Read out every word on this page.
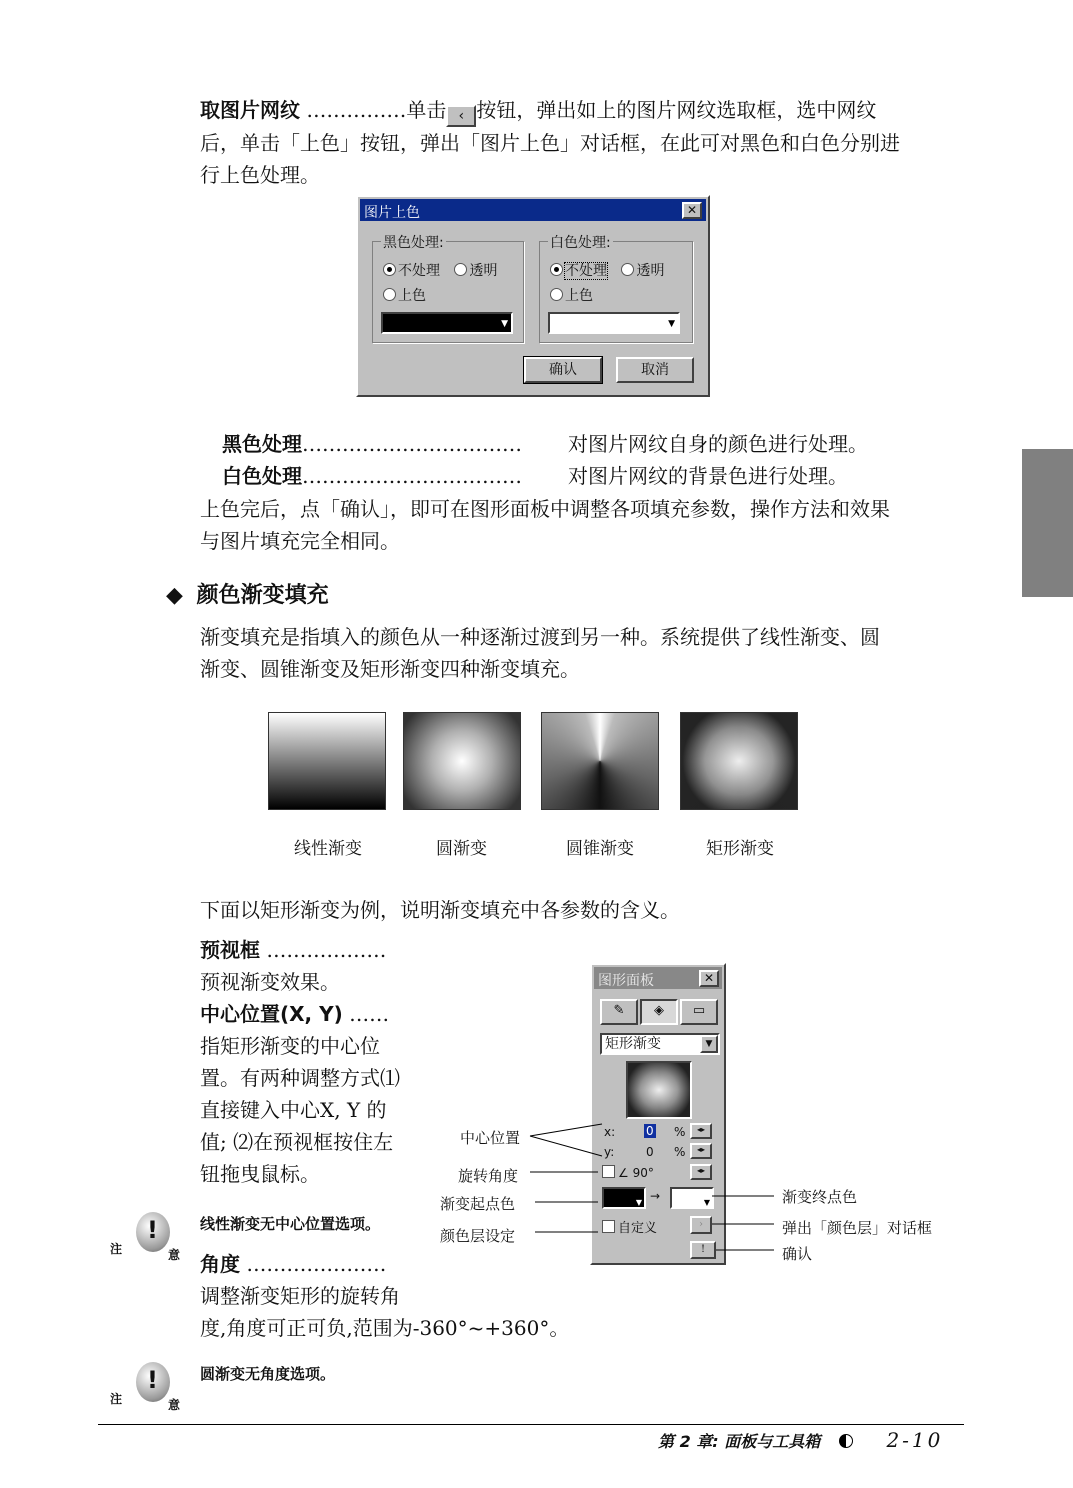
取图片网纹 ……………单击 ‹ 按钮，弹出如上的图片网纹选取框，选中网纹
后，单击「上色」按钮，弹出「图片上色」对话框，在此可对黑色和白色分别进
行上色处理。
图片上色	✕
黑色处理:
不处理 透明
上色
▼
白色处理:
不处理 透明
上色
▼
确认	取消
黑色处理…………………………… 对图片网纹自身的颜色进行处理。
白色处理…………………………… 对图片网纹的背景色进行处理。
上色完后，点「确认」，即可在图形面板中调整各项填充参数，操作方法和效果
与图片填充完全相同。
◆ 颜色渐变填充
渐变填充是指填入的颜色从一种逐渐过渡到另一种。系统提供了线性渐变、圆
渐变、圆锥渐变及矩形渐变四种渐变填充。
线性渐变	圆渐变	圆锥渐变	矩形渐变
下面以矩形渐变为例，说明渐变填充中各参数的含义。
预视框 ………………
预视渐变效果。
中心位置(X, Y) ……
指矩形渐变的中心位
置。有两种调整方式⑴
直接键入中心X, Y 的
值; ⑵在预视框按住左
钮拖曳鼠标。
!
注	意
线性渐变无中心位置选项。
角度 …………………
调整渐变矩形的旋转角
度,角度可正可负,范围为-360°~+360°。
!
注	意
圆渐变无角度选项。
图形面板	✕
✎	◈	▭
矩形渐变	▼
x:	0 %	◂▸
y:	0 %	◂▸
∠ 90°	◂▸
▼ →	▼
自定义	›
!
中心位置
旋转角度
渐变起点色
颜色层设定
渐变终点色
弹出「颜色层」对话框
确认
第 2 章: 面板与工具箱	2-10
